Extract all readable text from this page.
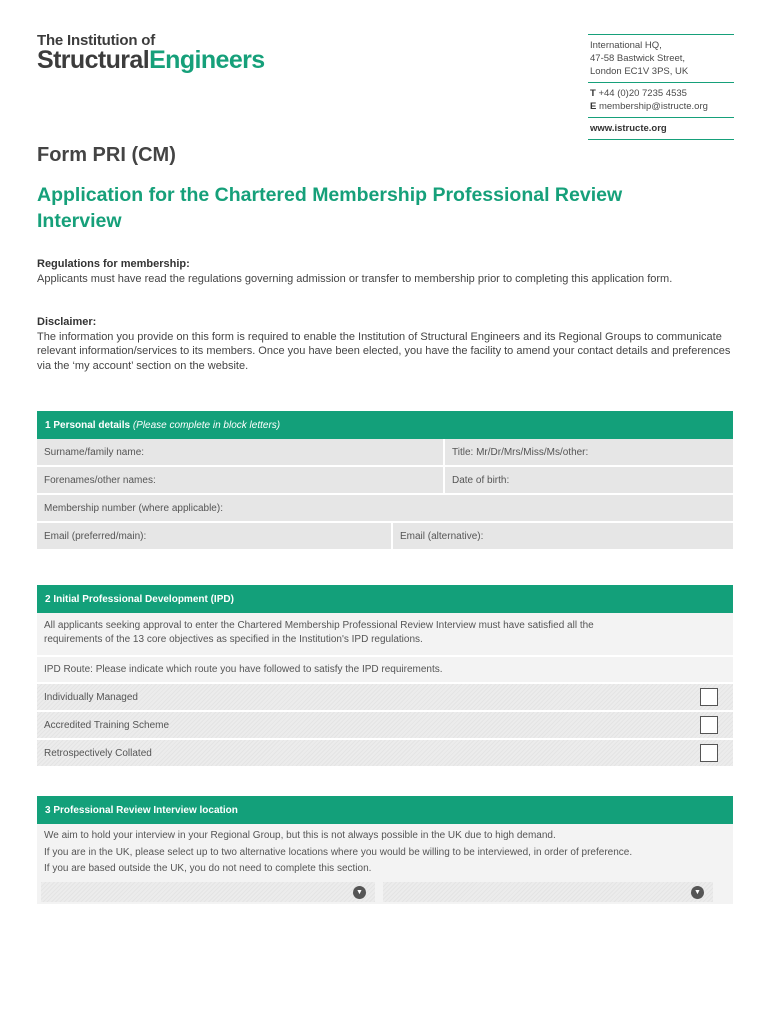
The Institution of
StructuralEngineers
International HQ,
47-58 Bastwick Street,
London EC1V 3PS, UK
T +44 (0)20 7235 4535
E membership@istructe.org
www.istructe.org
Form PRI (CM)
Application for the Chartered Membership Professional Review Interview
Regulations for membership:
Applicants must have read the regulations governing admission or transfer to membership prior to completing this application form.
Disclaimer:
The information you provide on this form is required to enable the Institution of Structural Engineers and its Regional Groups to communicate relevant information/services to its members. Once you have been elected, you have the facility to amend your contact details and preferences via the ‘my account’ section on the website.
1 Personal details (Please complete in block letters)
Surname/family name:	Title: Mr/Dr/Mrs/Miss/Ms/other:
Forenames/other names:	Date of birth:
Membership number (where applicable):
Email (preferred/main):	Email (alternative):
2 Initial Professional Development (IPD)
All applicants seeking approval to enter the Chartered Membership Professional Review Interview must have satisfied all the
requirements of the 13 core objectives as specified in the Institution's IPD regulations.
IPD Route: Please indicate which route you have followed to satisfy the IPD requirements.
Individually Managed
Accredited Training Scheme
Retrospectively Collated
3 Professional Review Interview location
We aim to hold your interview in your Regional Group, but this is not always possible in the UK due to high demand.
If you are in the UK, please select up to two alternative locations where you would be willing to be interviewed, in order of preference.
If you are based outside the UK, you do not need to complete this section.
▼	▼
